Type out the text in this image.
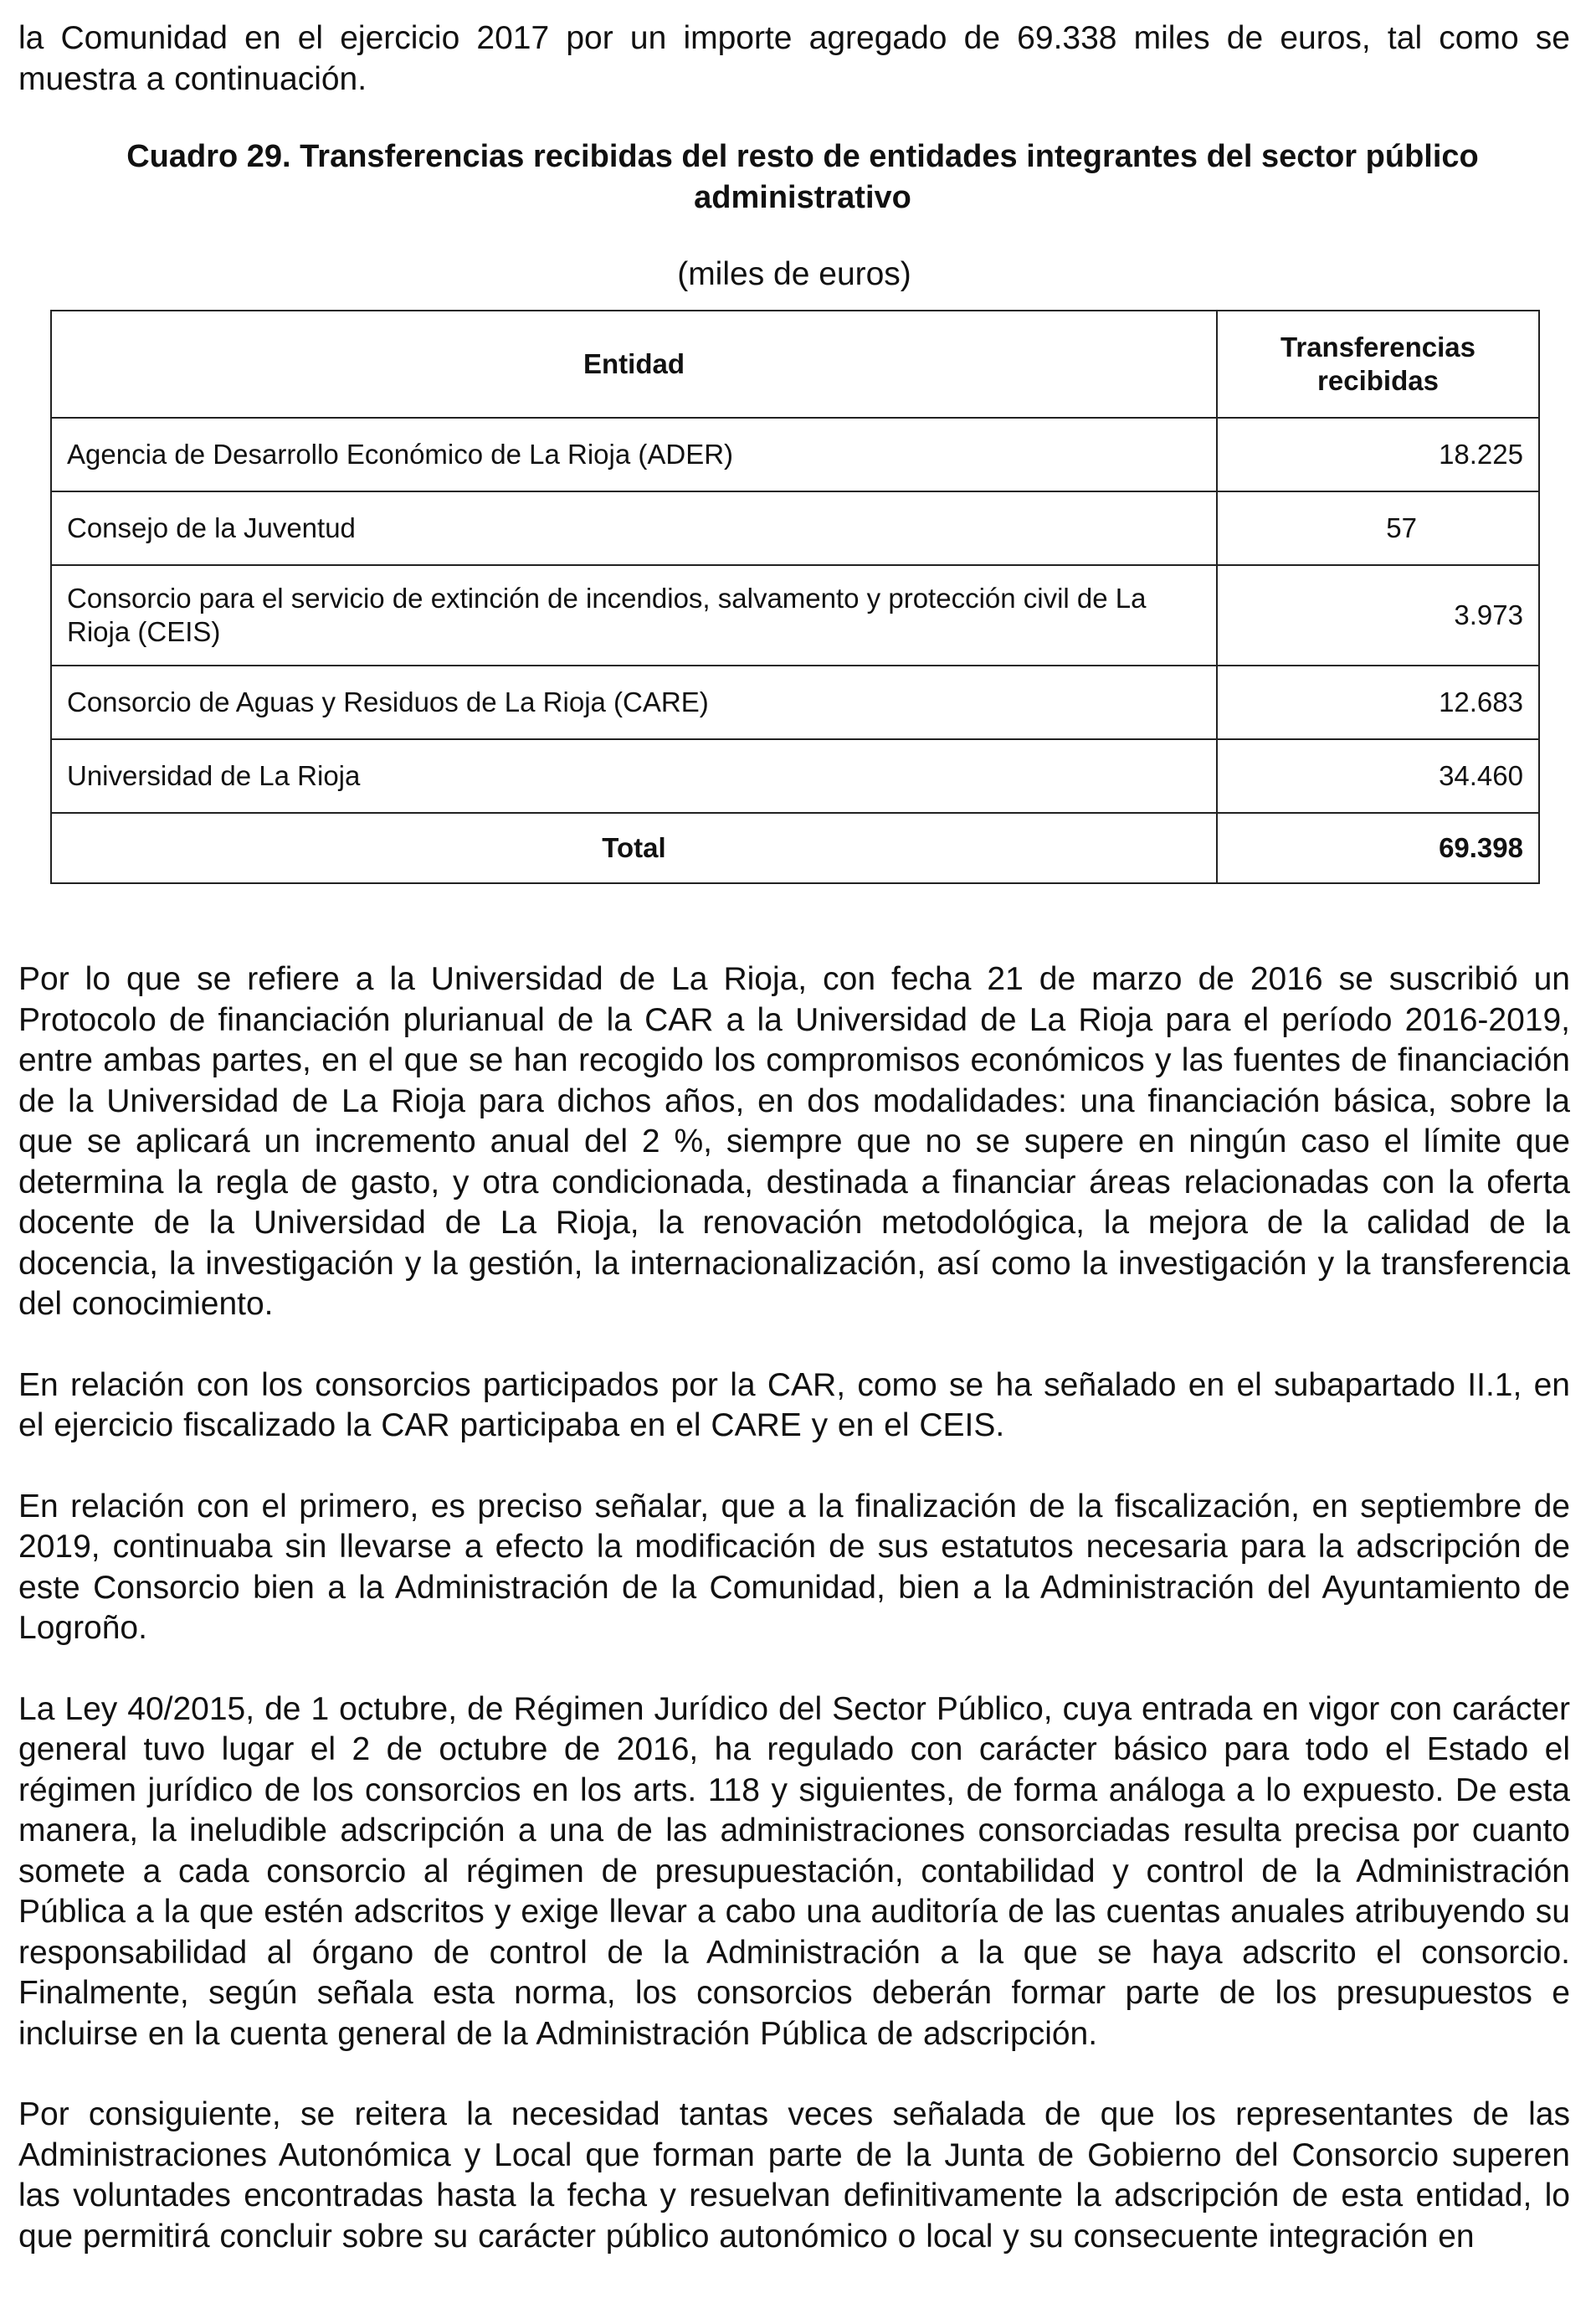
la Comunidad en el ejercicio 2017 por un importe agregado de 69.338 miles de euros, tal como se muestra a continuación.

Cuadro 29. Transferencias recibidas del resto de entidades integrantes del sector público

administrativo

(miles de euros)

Entidad	Transferencias
recibidas
Agencia de Desarrollo Económico de La Rioja (ADER)	18.225
Consejo de la Juventud	57
Consorcio para el servicio de extinción de incendios, salvamento y protección civil de La Rioja (CEIS)	3.973
Consorcio de Aguas y Residuos de La Rioja (CARE)	12.683
Universidad de La Rioja	34.460
Total	69.398

Por lo que se refiere a la Universidad de La Rioja, con fecha 21 de marzo de 2016 se suscribió un Protocolo de financiación plurianual de la CAR a la Universidad de La Rioja para el período 2016-2019, entre ambas partes, en el que se han recogido los compromisos económicos y las fuentes de financiación de la Universidad de La Rioja para dichos años, en dos modalidades: una financiación básica, sobre la que se aplicará un incremento anual del 2 %, siempre que no se supere en ningún caso el límite que determina la regla de gasto, y otra condicionada, destinada a financiar áreas relacionadas con la oferta docente de la Universidad de La Rioja, la renovación metodológica, la mejora de la calidad de la docencia, la investigación y la gestión, la internacionalización, así como la investigación y la transferencia del conocimiento.

En relación con los consorcios participados por la CAR, como se ha señalado en el subapartado II.1, en el ejercicio fiscalizado la CAR participaba en el CARE y en el CEIS.

En relación con el primero, es preciso señalar, que a la finalización de la fiscalización, en septiembre de 2019, continuaba sin llevarse a efecto la modificación de sus estatutos necesaria para la adscripción de este Consorcio bien a la Administración de la Comunidad, bien a la Administración del Ayuntamiento de Logroño.

La Ley 40/2015, de 1 octubre, de Régimen Jurídico del Sector Público, cuya entrada en vigor con carácter general tuvo lugar el 2 de octubre de 2016, ha regulado con carácter básico para todo el Estado el régimen jurídico de los consorcios en los arts. 118 y siguientes, de forma análoga a lo expuesto. De esta manera, la ineludible adscripción a una de las administraciones consorciadas resulta precisa por cuanto somete a cada consorcio al régimen de presupuestación, contabilidad y control de la Administración Pública a la que estén adscritos y exige llevar a cabo una auditoría de las cuentas anuales atribuyendo su responsabilidad al órgano de control de la Administración a la que se haya adscrito el consorcio. Finalmente, según señala esta norma, los consorcios deberán formar parte de los presupuestos e incluirse en la cuenta general de la Administración Pública de adscripción.

Por consiguiente, se reitera la necesidad tantas veces señalada de que los representantes de las Administraciones Autonómica y Local que forman parte de la Junta de Gobierno del Consorcio superen las voluntades encontradas hasta la fecha y resuelvan definitivamente la adscripción de esta entidad, lo que permitirá concluir sobre su carácter público autonómico o local y su consecuente integración en
